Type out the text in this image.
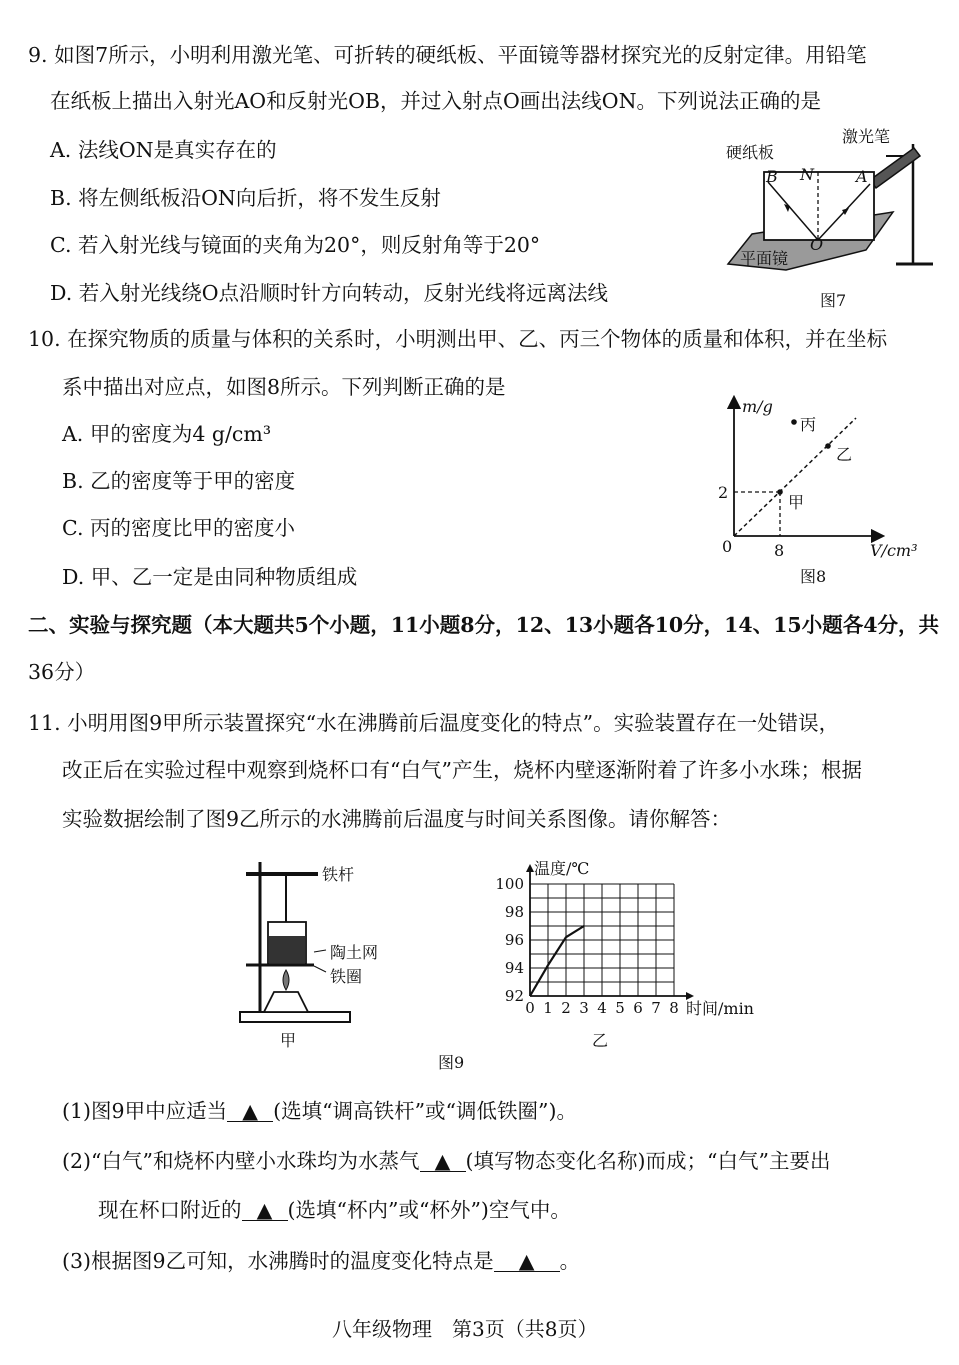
9. 如图7所示，小明利用激光笔、可折转的硬纸板、平面镜等器材探究光的反射定律。用铅笔
在纸板上描出入射光AO和反射光OB，并过入射点O画出法线ON。下列说法正确的是
A. 法线ON是真实存在的
B. 将左侧纸板沿ON向后折，将不发生反射
C. 若入射光线与镜面的夹角为20°，则反射角等于20°
D. 若入射光线绕O点沿顺时针方向转动，反射光线将远离法线
硬纸板
激光笔
B N	A
O
平面镜
图7
10. 在探究物质的质量与体积的关系时，小明测出甲、乙、丙三个物体的质量和体积，并在坐标
系中描出对应点，如图8所示。下列判断正确的是
A. 甲的密度为4 g/cm³
B. 乙的密度等于甲的密度
C. 丙的密度比甲的密度小
D. 甲、乙一定是由同种物质组成
m/g
V/cm³
0
2
8
丙
乙
甲
图8
二、实验与探究题（本大题共5个小题，11小题8分，12、13小题各10分，14、15小题各4分，共
36分）
11. 小明用图9甲所示装置探究“水在沸腾前后温度变化的特点”。实验装置存在一处错误，
改正后在实验过程中观察到烧杯口有“白气”产生，烧杯内壁逐渐附着了许多小水珠；根据
实验数据绘制了图9乙所示的水沸腾前后温度与时间关系图像。请你解答：
铁杆
陶土网
铁圈
甲
92
94
96
98
100
0 1 2 3 4 5 6 7 8
温度/℃
时间/min
乙
图9
(1)图9甲中应适当 ▲ (选填“调高铁杆”或“调低铁圈”)。
(2)“白气”和烧杯内壁小水珠均为水蒸气 ▲ (填写物态变化名称)而成；“白气”主要出
现在杯口附近的 ▲ (选填“杯内”或“杯外”)空气中。
(3)根据图9乙可知，水沸腾时的温度变化特点是 ▲ 。
八年级物理　第3页（共8页）
